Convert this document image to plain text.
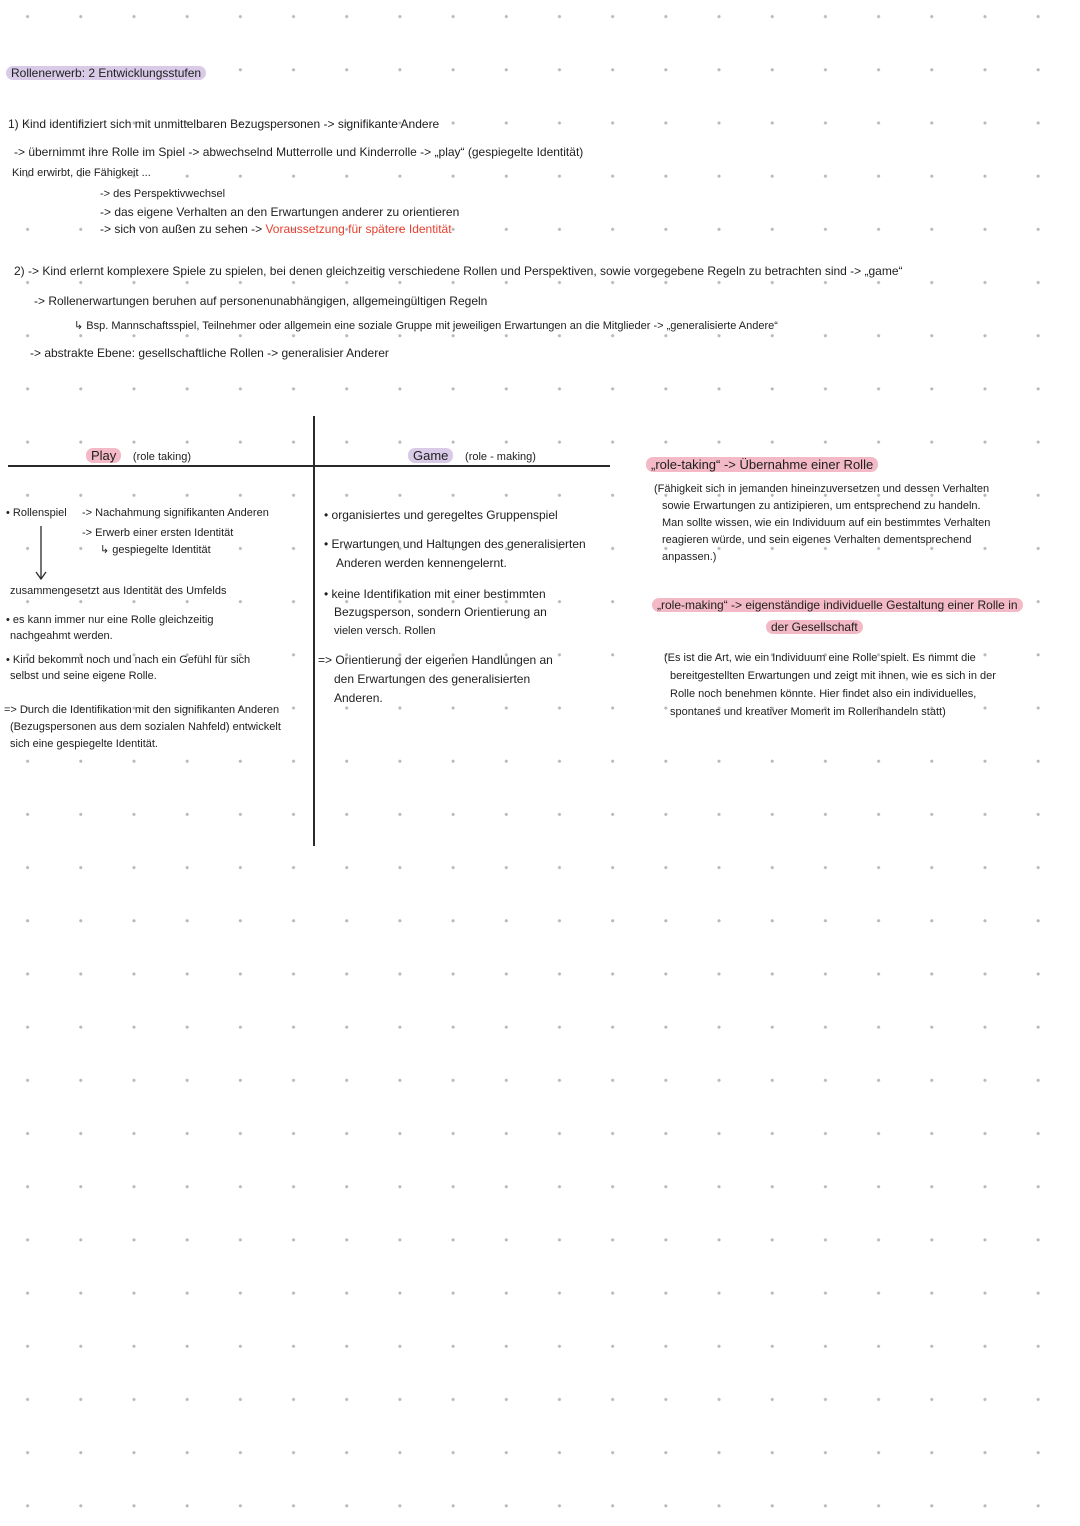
Rollenerwerb: 2 Entwicklungsstufen
1) Kind identifiziert sich mit unmittelbaren Bezugspersonen -> signifikante Andere
-> übernimmt ihre Rolle im Spiel -> abwechselnd Mutterrolle und Kinderrolle -> „play“ (gespiegelte Identität)
Kind erwirbt, die Fähigkeit ...
-> des Perspektivwechsel
-> das eigene Verhalten an den Erwartungen anderer zu orientieren
-> sich von außen zu sehen -> Voraussetzung für spätere Identität
2) -> Kind erlernt komplexere Spiele zu spielen, bei denen gleichzeitig verschiedene Rollen und Perspektiven, sowie vorgegebene Regeln zu betrachten sind -> „game“
-> Rollenerwartungen beruhen auf personenunabhängigen, allgemeingültigen Regeln
↳ Bsp. Mannschaftsspiel, Teilnehmer oder allgemein eine soziale Gruppe mit jeweiligen Erwartungen an die Mitglieder -> „generalisierte Andere“
-> abstrakte Ebene: gesellschaftliche Rollen -> generalisier Anderer
Play (role taking)	Game (role - making)
• Rollenspiel -> Nachahmung signifikanten Anderen
-> Erwerb einer ersten Identität
↳ gespiegelte Identität
zusammengesetzt aus Identität des Umfelds
• es kann immer nur eine Rolle gleichzeitig
nachgeahmt werden.
• Kind bekommt noch und nach ein Gefühl für sich
selbst und seine eigene Rolle.
=> Durch die Identifikation mit den signifikanten Anderen
(Bezugspersonen aus dem sozialen Nahfeld) entwickelt
sich eine gespiegelte Identität.
• organisiertes und geregeltes Gruppenspiel
• Erwartungen und Haltungen des generalisierten
Anderen werden kennengelernt.
• keine Identifikation mit einer bestimmten
Bezugsperson, sondern Orientierung an
vielen versch. Rollen
=> Orientierung der eigenen Handlungen an
den Erwartungen des generalisierten
Anderen.
„role-taking“ -> Übernahme einer Rolle
(Fähigkeit sich in jemanden hineinzuversetzen und dessen Verhalten
sowie Erwartungen zu antizipieren, um entsprechend zu handeln.
Man sollte wissen, wie ein Individuum auf ein bestimmtes Verhalten
reagieren würde, und sein eigenes Verhalten dementsprechend
anpassen.)
„role-making“ -> eigenständige individuelle Gestaltung einer Rolle in
der Gesellschaft
(Es ist die Art, wie ein Individuum eine Rolle spielt. Es nimmt die
bereitgestellten Erwartungen und zeigt mit ihnen, wie es sich in der
Rolle noch benehmen könnte. Hier findet also ein individuelles,
spontanes und kreativer Moment im Rollenhandeln statt)
